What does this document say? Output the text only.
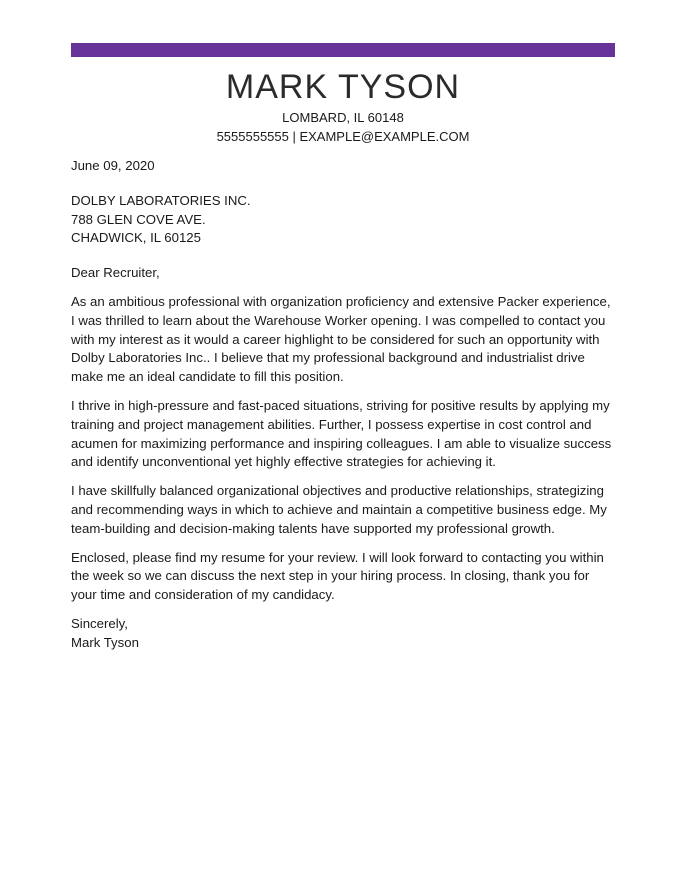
MARK TYSON
LOMBARD, IL 60148
5555555555 | EXAMPLE@EXAMPLE.COM

June 09, 2020

DOLBY LABORATORIES INC.
788 GLEN COVE AVE.
CHADWICK, IL 60125

Dear Recruiter,

As an ambitious professional with organization proficiency and extensive Packer experience, I was thrilled to learn about the Warehouse Worker opening. I was compelled to contact you with my interest as it would a career highlight to be considered for such an opportunity with Dolby Laboratories Inc.. I believe that my professional background and industrialist drive make me an ideal candidate to fill this position.

I thrive in high-pressure and fast-paced situations, striving for positive results by applying my training and project management abilities. Further, I possess expertise in cost control and acumen for maximizing performance and inspiring colleagues. I am able to visualize success and identify unconventional yet highly effective strategies for achieving it.

I have skillfully balanced organizational objectives and productive relationships, strategizing and recommending ways in which to achieve and maintain a competitive business edge. My team-building and decision-making talents have supported my professional growth.

Enclosed, please find my resume for your review. I will look forward to contacting you within the week so we can discuss the next step in your hiring process. In closing, thank you for your time and consideration of my candidacy.

Sincerely,
Mark Tyson
